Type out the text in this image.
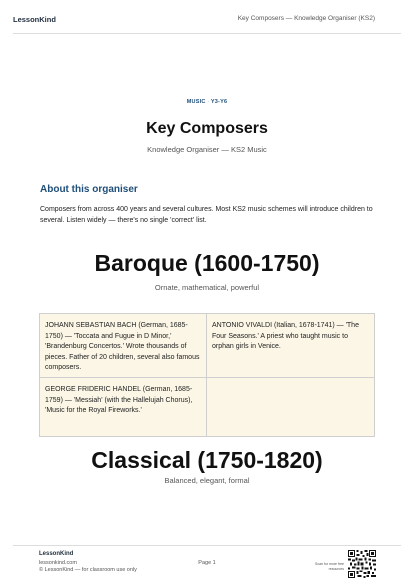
LessonKind	Key Composers — Knowledge Organiser (KS2)
MUSIC · Y3-Y6
Key Composers
Knowledge Organiser — KS2 Music
About this organiser

Composers from across 400 years and several cultures. Most KS2 music schemes will introduce children to several. Listen widely — there's no single 'correct' list.

Baroque (1600-1750)
Ornate, mathematical, powerful
JOHANN SEBASTIAN BACH (German, 1685-1750) — 'Toccata and Fugue in D Minor,' 'Brandenburg Concertos.' Wrote thousands of pieces. Father of 20 children, several also famous composers.
ANTONIO VIVALDI (Italian, 1678-1741) — 'The Four Seasons.' A priest who taught music to orphan girls in Venice.
GEORGE FRIDERIC HANDEL (German, 1685-1759) — 'Messiah' (with the Hallelujah Chorus), 'Music for the Royal Fireworks.'
Classical (1750-1820)
Balanced, elegant, formal
LessonKind
lessonkind.com
© LessonKind — for classroom use only
Page 1	Scan for more free resources
